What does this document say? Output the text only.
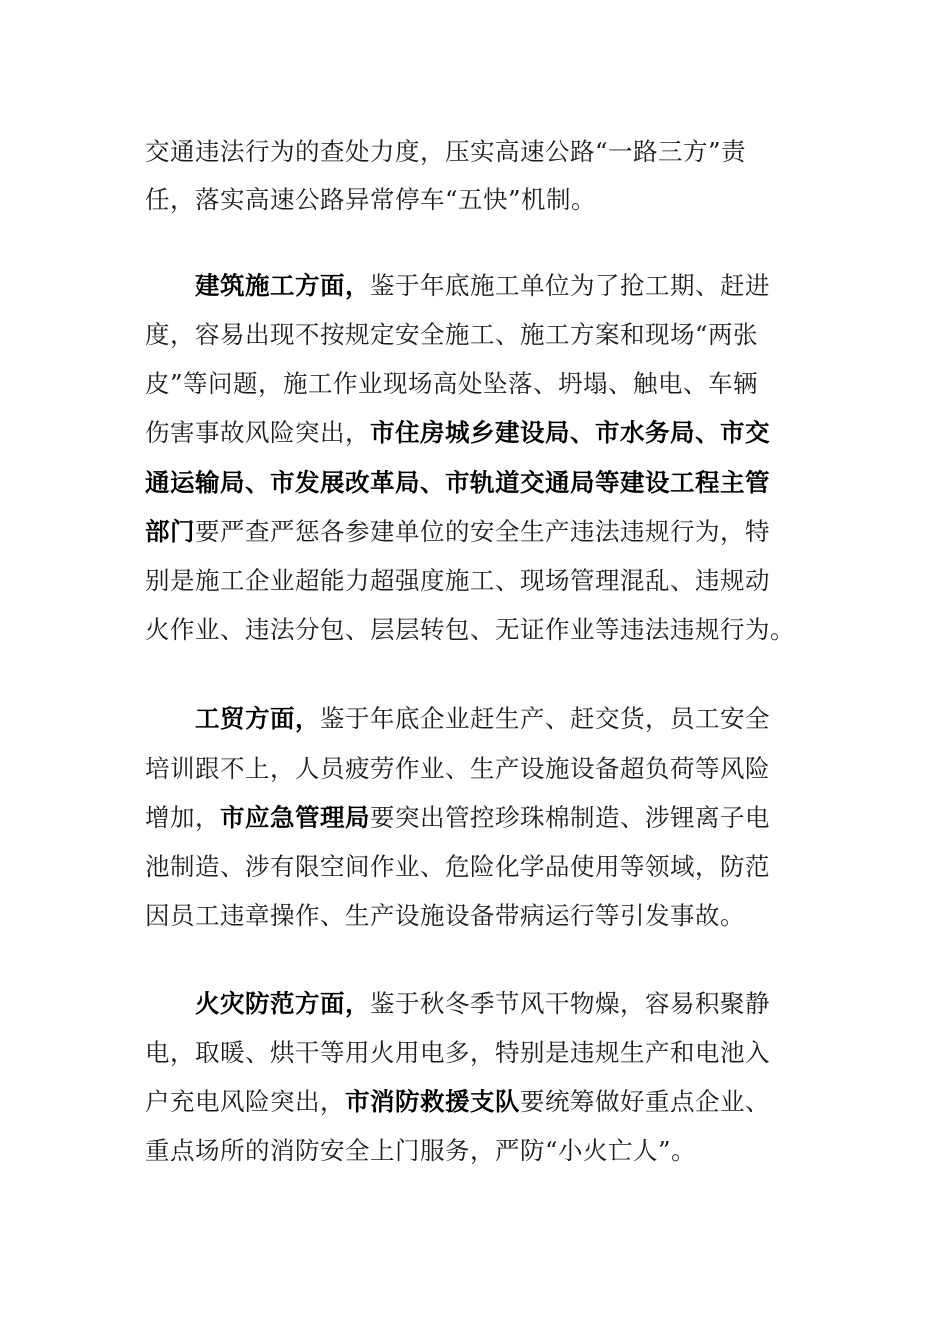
交通违法行为的查处力度，压实高速公路“一路三方”责
任，落实高速公路异常停车“五快”机制。
建筑施工方面，鉴于年底施工单位为了抢工期、赶进
度，容易出现不按规定安全施工、施工方案和现场“两张
皮”等问题，施工作业现场高处坠落、坍塌、触电、车辆
伤害事故风险突出，市住房城乡建设局、市水务局、市交
通运输局、市发展改革局、市轨道交通局等建设工程主管
部门要严查严惩各参建单位的安全生产违法违规行为，特
别是施工企业超能力超强度施工、现场管理混乱、违规动
火作业、违法分包、层层转包、无证作业等违法违规行为。
工贸方面，鉴于年底企业赶生产、赶交货，员工安全
培训跟不上，人员疲劳作业、生产设施设备超负荷等风险
增加，市应急管理局要突出管控珍珠棉制造、涉锂离子电
池制造、涉有限空间作业、危险化学品使用等领域，防范
因员工违章操作、生产设施设备带病运行等引发事故。
火灾防范方面，鉴于秋冬季节风干物燥，容易积聚静
电，取暖、烘干等用火用电多，特别是违规生产和电池入
户充电风险突出，市消防救援支队要统筹做好重点企业、
重点场所的消防安全上门服务，严防“小火亡人”。
